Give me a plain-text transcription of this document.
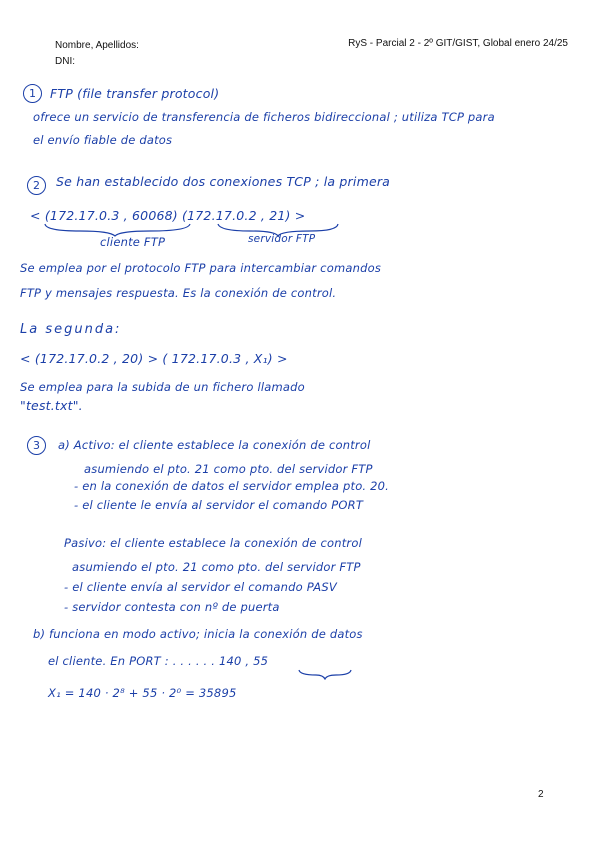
Nombre, Apellidos:
DNI:
RyS - Parcial 2 - 2º GIT/GIST, Global enero 24/25
1	FTP (file transfer protocol)
ofrece un servicio de transferencia de ficheros bidireccional ; utiliza TCP para
el envío fiable de datos
2	Se han establecido dos conexiones TCP ; la primera
< (172.17.0.3 , 60068) (172.17.0.2 , 21) >
cliente FTP	servidor FTP
Se emplea por el protocolo FTP para intercambiar comandos
FTP y mensajes respuesta. Es la conexión de control.
La segunda:
< (172.17.0.2 , 20) > ( 172.17.0.3 , X₁) >
Se emplea para la subida de un fichero llamado
"test.txt".
3	a) Activo: el cliente establece la conexión de control
asumiendo el pto. 21 como pto. del servidor FTP
- en la conexión de datos el servidor emplea pto. 20.
- el cliente le envía al servidor el comando PORT
Pasivo: el cliente establece la conexión de control
asumiendo el pto. 21 como pto. del servidor FTP
- el cliente envía al servidor el comando PASV
- servidor contesta con nº de puerta
b) funciona en modo activo; inicia la conexión de datos
el cliente. En PORT : . . . . . . 140 , 55
X₁ = 140 · 2⁸ + 55 · 2⁰ = 35895
2
